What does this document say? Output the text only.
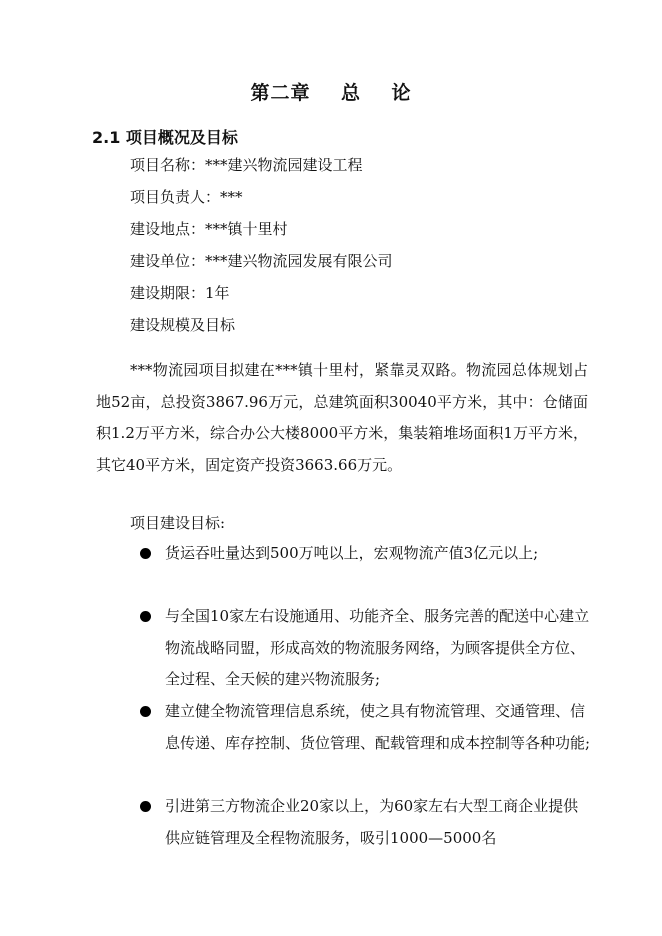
第二章    总    论
2.1 项目概况及目标
项目名称：***建兴物流园建设工程
项目负责人：***
建设地点：***镇十里村
建设单位：***建兴物流园发展有限公司
建设期限：1年
建设规模及目标

***物流园项目拟建在***镇十里村，紧靠灵双路。物流园总体规划占地52亩，总投资3867.96万元，总建筑面积30040平方米，其中：仓储面积1.2万平方米，综合办公大楼8000平方米，集装箱堆场面积1万平方米，其它40平方米，固定资产投资3663.66万元。

项目建设目标:

货运吞吐量达到500万吨以上，宏观物流产值3亿元以上;
与全国10家左右设施通用、功能齐全、服务完善的配送中心建立物流战略同盟，形成高效的物流服务网络，为顾客提供全方位、全过程、全天候的建兴物流服务;
建立健全物流管理信息系统，使之具有物流管理、交通管理、信息传递、库存控制、货位管理、配载管理和成本控制等各种功能;
引进第三方物流企业20家以上，为60家左右大型工商企业提供供应链管理及全程物流服务，吸引1000—5000名
